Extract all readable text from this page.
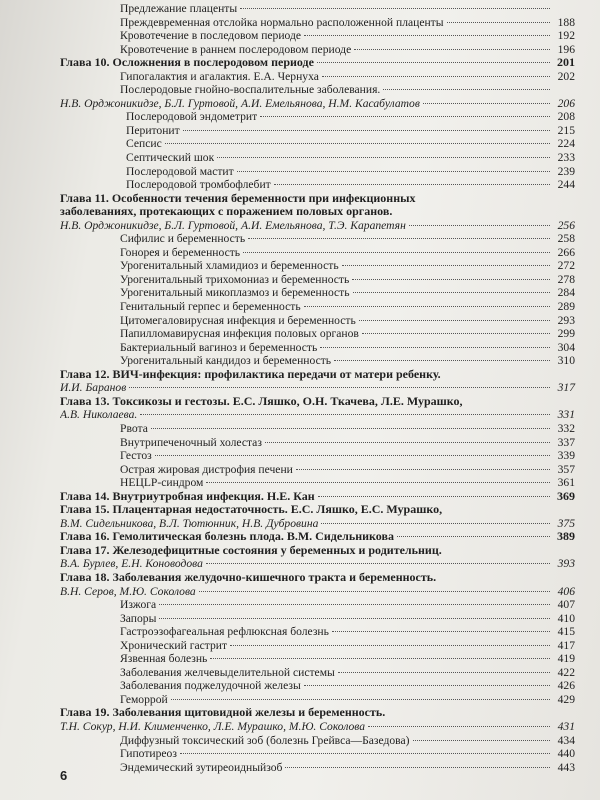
Предлежание плаценты
Преждевременная отслойка нормально расположенной плаценты	188
Кровотечение в последовом периоде	192
Кровотечение в раннем послеродовом периоде	196
Глава 10. Осложнения в послеродовом периоде	201
Гипогалактия и агалактия. Е.А. Чернуха	202
Послеродовые гнойно-воспалительные заболевания.
Н.В. Орджоникидзе, Б.Л. Гуртовой, А.И. Емельянова, Н.М. Касабулатов	206
Послеродовой эндометрит	208
Перитонит	215
Сепсис	224
Септический шок	233
Послеродовой мастит	239
Послеродовой тромбофлебит	244
Глава 11. Особенности течения беременности при инфекционных
заболеваниях, протекающих с поражением половых органов.
Н.В. Орджоникидзе, Б.Л. Гуртовой, А.И. Емельянова, Т.Э. Карапетян	256
Сифилис и беременность	258
Гонорея и беременность	266
Урогенитальный хламидиоз и беременность	272
Урогенитальный трихомониаз и беременность	278
Урогенитальный микоплазмоз и беременность	284
Генитальный герпес и беременность	289
Цитомегаловирусная инфекция и беременность	293
Папилломавирусная инфекция половых органов	299
Бактериальный вагиноз и беременность	304
Урогенитальный кандидоз и беременность	310
Глава 12. ВИЧ-инфекция: профилактика передачи от матери ребенку.
И.И. Баранов	317
Глава 13. Токсикозы и гестозы. Е.С. Ляшко, О.Н. Ткачева, Л.Е. Мурашко,
А.В. Николаева.	331
Рвота	332
Внутрипеченочный холестаз	337
Гестоз	339
Острая жировая дистрофия печени	357
НЕЦLР-синдром	361
Глава 14. Внутриутробная инфекция. Н.Е. Кан	369
Глава 15. Плацентарная недостаточность. Е.С. Ляшко, Е.С. Мурашко,
В.М. Сидельникова, В.Л. Тютюнник, Н.В. Дубровина	375
Глава 16. Гемолитическая болезнь плода. В.М. Сидельникова	389
Глава 17. Железодефицитные состояния у беременных и родительниц.
В.А. Бурлев, Е.Н. Коноводова	393
Глава 18. Заболевания желудочно-кишечного тракта и беременность.
В.Н. Серов, М.Ю. Соколова	406
Изжога	407
Запоры	410
Гастроэзофагеальная рефлюксная болезнь	415
Хронический гастрит	417
Язвенная болезнь	419
Заболевания желчевыделительной системы	422
Заболевания поджелудочной железы	426
Геморрой	429
Глава 19. Заболевания щитовидной железы и беременность.
Т.Н. Сокур, Н.И. Клименченко, Л.Е. Мурашко, М.Ю. Соколова	431
Диффузный токсический зоб (болезнь Грейвса—Базедова)	434
Гипотиреоз	440
Эндемический зутиреоидныйзоб	443
6
